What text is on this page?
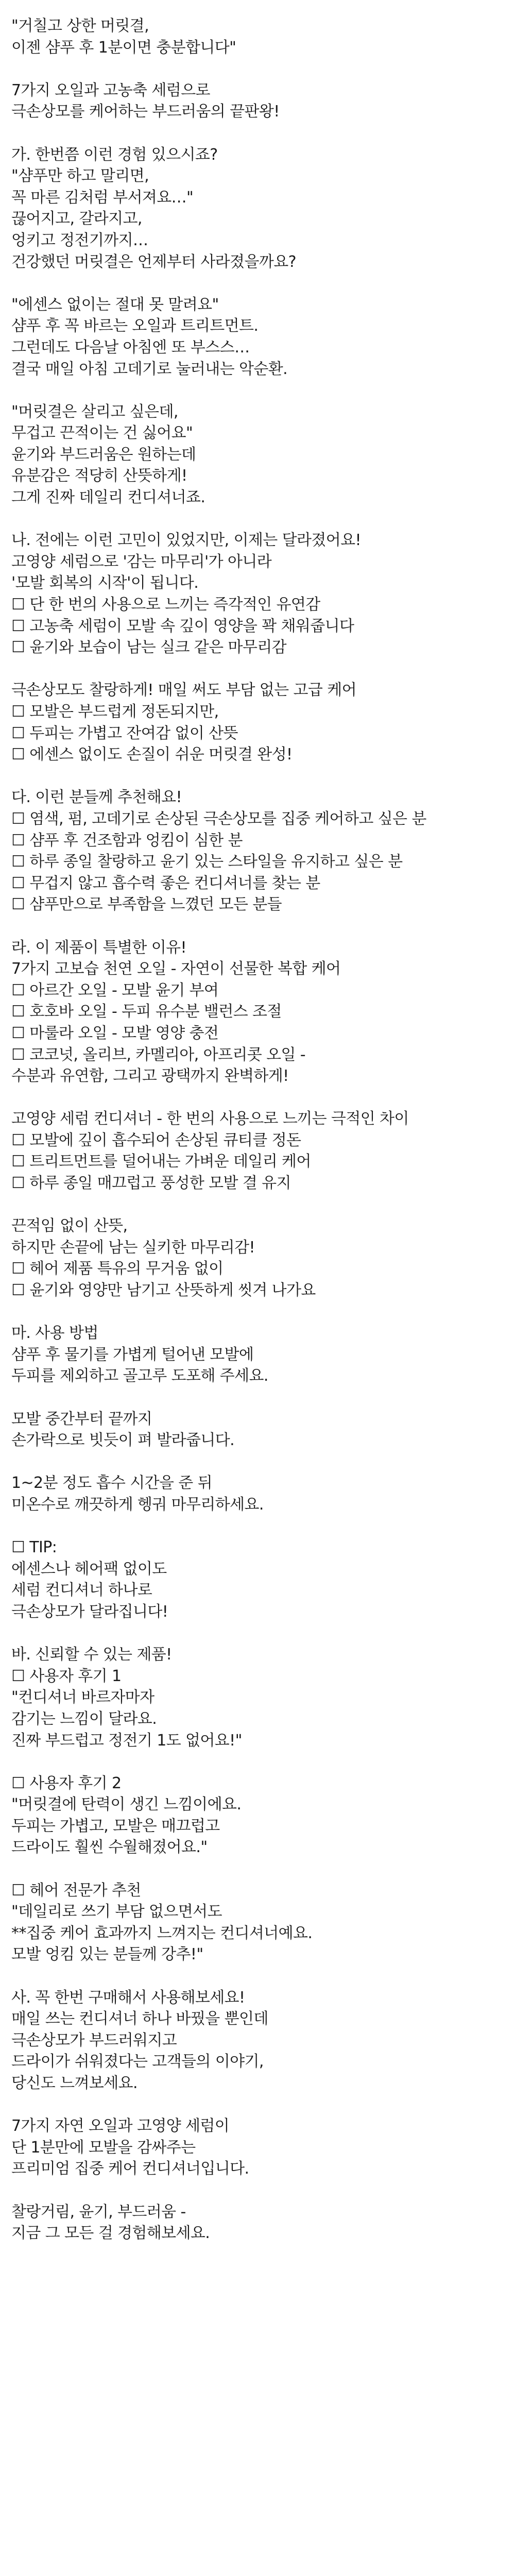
"거칠고 상한 머릿결,
이젠 샴푸 후 1분이면 충분합니다"
7가지 오일과 고농축 세럼으로
극손상모를 케어하는 부드러움의 끝판왕!
가. 한번쯤 이런 경험 있으시죠?
"샴푸만 하고 말리면,
꼭 마른 김처럼 부서져요…"
끊어지고, 갈라지고,
엉키고 정전기까지…
건강했던 머릿결은 언제부터 사라졌을까요?
"에센스 없이는 절대 못 말려요"
샴푸 후 꼭 바르는 오일과 트리트먼트.
그런데도 다음날 아침엔 또 부스스…
결국 매일 아침 고데기로 눌러내는 악순환.
"머릿결은 살리고 싶은데,
무겁고 끈적이는 건 싫어요"
윤기와 부드러움은 원하는데
유분감은 적당히 산뜻하게!
그게 진짜 데일리 컨디셔너죠.
나. 전에는 이런 고민이 있었지만, 이제는 달라졌어요!
고영양 세럼으로 '감는 마무리'가 아니라
'모발 회복의 시작'이 됩니다.
☐ 단 한 번의 사용으로 느끼는 즉각적인 유연감
☐ 고농축 세럼이 모발 속 깊이 영양을 꽉 채워줍니다
☐ 윤기와 보습이 남는 실크 같은 마무리감
극손상모도 찰랑하게! 매일 써도 부담 없는 고급 케어
☐ 모발은 부드럽게 정돈되지만,
☐ 두피는 가볍고 잔여감 없이 산뜻
☐ 에센스 없이도 손질이 쉬운 머릿결 완성!
다. 이런 분들께 추천해요!
☐ 염색, 펌, 고데기로 손상된 극손상모를 집중 케어하고 싶은 분
☐ 샴푸 후 건조함과 엉킴이 심한 분
☐ 하루 종일 찰랑하고 윤기 있는 스타일을 유지하고 싶은 분
☐ 무겁지 않고 흡수력 좋은 컨디셔너를 찾는 분
☐ 샴푸만으로 부족함을 느꼈던 모든 분들
라. 이 제품이 특별한 이유!
7가지 고보습 천연 오일 - 자연이 선물한 복합 케어
☐ 아르간 오일 - 모발 윤기 부여
☐ 호호바 오일 - 두피 유수분 밸런스 조절
☐ 마룰라 오일 - 모발 영양 충전
☐ 코코넛, 올리브, 카멜리아, 아프리콧 오일 -
수분과 유연함, 그리고 광택까지 완벽하게!
고영양 세럼 컨디셔너 - 한 번의 사용으로 느끼는 극적인 차이
☐ 모발에 깊이 흡수되어 손상된 큐티클 정돈
☐ 트리트먼트를 덜어내는 가벼운 데일리 케어
☐ 하루 종일 매끄럽고 풍성한 모발 결 유지
끈적임 없이 산뜻,
하지만 손끝에 남는 실키한 마무리감!
☐ 헤어 제품 특유의 무거움 없이
☐ 윤기와 영양만 남기고 산뜻하게 씻겨 나가요
마. 사용 방법
샴푸 후 물기를 가볍게 털어낸 모발에
두피를 제외하고 골고루 도포해 주세요.
모발 중간부터 끝까지
손가락으로 빗듯이 펴 발라줍니다.
1~2분 정도 흡수 시간을 준 뒤
미온수로 깨끗하게 헹궈 마무리하세요.
☐ TIP:
에센스나 헤어팩 없이도
세럼 컨디셔너 하나로
극손상모가 달라집니다!
바. 신뢰할 수 있는 제품!
☐ 사용자 후기 1
"컨디셔너 바르자마자
감기는 느낌이 달라요.
진짜 부드럽고 정전기 1도 없어요!"
☐ 사용자 후기 2
"머릿결에 탄력이 생긴 느낌이에요.
두피는 가볍고, 모발은 매끄럽고
드라이도 훨씬 수월해졌어요."
☐ 헤어 전문가 추천
"데일리로 쓰기 부담 없으면서도
**집중 케어 효과까지 느껴지는 컨디셔너예요.
모발 엉킴 있는 분들께 강추!"
사. 꼭 한번 구매해서 사용해보세요!
매일 쓰는 컨디셔너 하나 바꿨을 뿐인데
극손상모가 부드러워지고
드라이가 쉬워졌다는 고객들의 이야기,
당신도 느껴보세요.
7가지 자연 오일과 고영양 세럼이
단 1분만에 모발을 감싸주는
프리미엄 집중 케어 컨디셔너입니다.
찰랑거림, 윤기, 부드러움 -
지금 그 모든 걸 경험해보세요.
